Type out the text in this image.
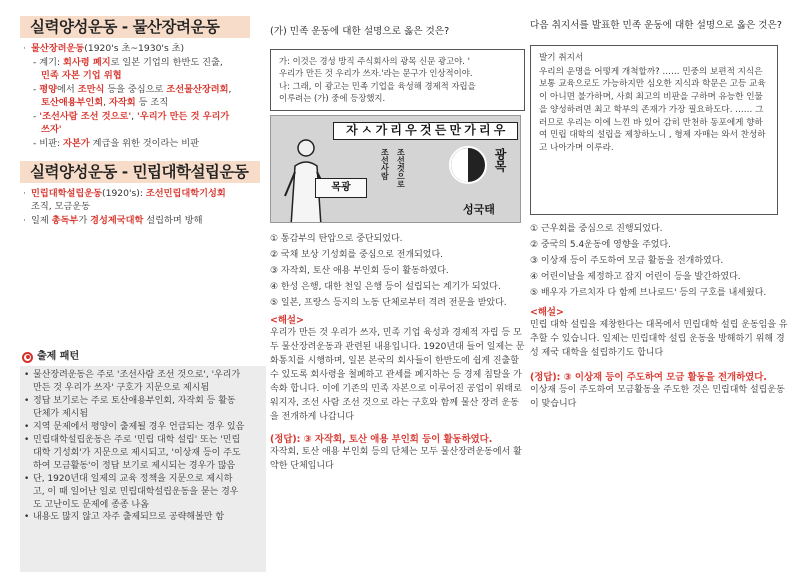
실력양성운동 - 물산장려운동
· 물산장려운동(1920's 초~1930's 초)
- 계기: 회사령 폐지로 일본 기업의 한반도 진출,
민족 자본 기업 위협
- 평양에서 조만식 등을 중심으로 조선물산장려회,
토산애용부인회, 자작회 등 조직
- '조선사람 조선 것으로', '우리가 만든 것 우리가
쓰자'
- 비판: 자본가 계급을 위한 것이라는 비판
실력양성운동 - 민립대학설립운동
· 민립대학설립운동(1920's): 조선민립대학기성회
조직, 모금운동
· 일제 총독부가 경성제국대학 설립하며 방해
출제 패턴
• 물산장려운동은 주로 '조선사람 조선 것으로', '우리가
만든 것 우리가 쓰자' 구호가 지문으로 제시됨
• 정답 보기로는 주로 토산애용부인회, 자작회 등 활동
단체가 제시됨
• 지역 문제에서 평양이 출제될 경우 언급되는 경우 있음
• 민립대학설립운동은 주로 '민립 대학 설립' 또는 '민립
대학 기성회'가 지문으로 제시되고, '이상재 등이 주도
하여 모금활동'이 정답 보기로 제시되는 경우가 많음
• 단, 1920년대 일제의 교육 정책을 지문으로 제시하
고, 이 때 일어난 일로 민립대학설립운동을 묻는 경우
도 고난이도 문제에 종종 나옴
• 내용도 많지 않고 자주 출제되므로 공략해볼만 함
(가) 민족 운동에 대한 설명으로 옳은 것은?
가: 이것은 경성 방직 주식회사의 광목 신문 광고야. '
우리가 만든 것 우리가 쓰자.'라는 문구가 인상적이야.
나: 그래, 이 광고는 민족 기업을 육성해 경제적 자립을
이루려는 (가) 중에 등장했지.
자 ㅅ 가 리 우 것 든 만 가 리 우
목광
조선사람 조선것으로	광목
성국태
① 통감부의 탄압으로 중단되었다.
② 국채 보상 기성회를 중심으로 전개되었다.
③ 자작회, 토산 애용 부인회 등이 활동하였다.
④ 한성 은행, 대한 천일 은행 등이 설립되는 계기가 되었다.
⑤ 일본, 프랑스 등지의 노동 단체로부터 격려 전문을 받았다.
<해설>
우리가 만든 것 우리가 쓰자, 민족 기업 육성과 경제적 자립 등 모두 물산장려운동과 관련된 내용입니다. 1920년대 들어 일제는 문화통치를 시행하며, 일본 본국의 회사들이 한반도에 쉽게 진출할 수 있도록 회사령을 철폐하고 관세를 폐지하는 등 경제 침탈을 가속화 합니다. 이에 기존의 민족 자본으로 이루어진 공업이 위태로워지자, 조선 사람 조선 것으로 라는 구호와 함께 물산 장려 운동을 전개하게 나갑니다
(정답): ③ 자작회, 토산 애용 부인회 등이 활동하였다.
자작회, 토산 애용 부인회 등의 단체는 모두 물산장려운동에서 활약한 단체입니다
다음 취지서를 발표한 민족 운동에 대한 설명으로 옳은 것은?
발기 취지서
우리의 운명을 어떻게 개척할까? …… 민중의 보편적 지식은 보통 교육으로도 가능하지만 심오한 지식과 학문은 고등 교육이 아니면 불가하며, 사회 최고의 비판을 구하며 유능한 인물을 양성하려면 최고 학부의 존재가 가장 필요하도다. …… 그러므로 우리는 이에 느낀 바 있어 감히 만천하 동포에게 향하여 민립 대학의 설립을 제창하노니 , 형제 자매는 와서 찬성하고 나아가며 이루라.
① 근우회를 중심으로 진행되었다.
② 중국의 5.4운동에 영향을 주었다.
③ 이상재 등이 주도하여 모금 활동을 전개하였다.
④ 어린이날을 제정하고 잡지 어린이 등을 발간하였다.
⑤ 배우자 가르치자 다 함께 브나로드' 등의 구호를 내세웠다.
<해설>
민립 대학 설립을 제창한다는 대목에서 민립대학 설립 운동임을 유추할 수 있습니다. 일제는 민립대학 설립 운동을 방해하기 위해 경성 제국 대학을 설립하기도 합니다
(정답): ③ 이상재 등이 주도하여 모금 활동을 전개하였다.
이상재 등이 주도하여 모금활동을 주도한 것은 민립대학 설립운동이 맞습니다
